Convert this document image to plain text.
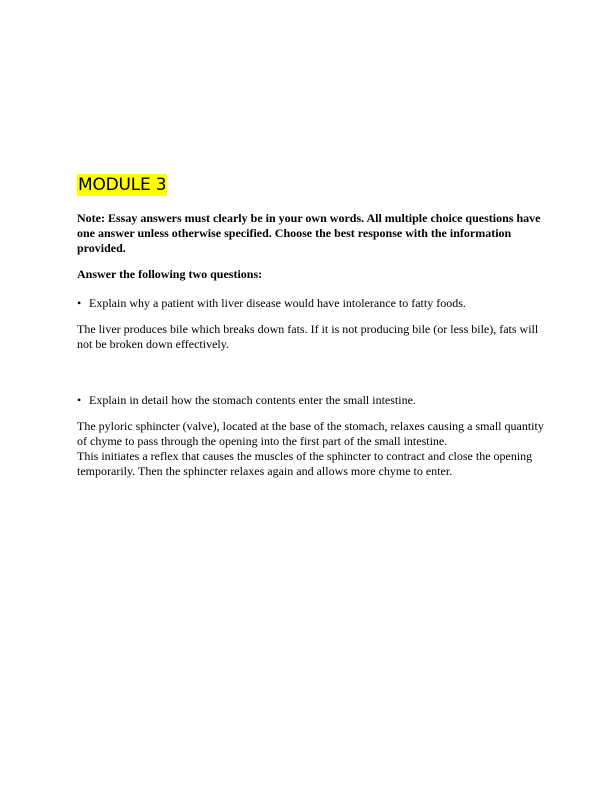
MODULE 3

Note: Essay answers must clearly be in your own words. All multiple choice questions have one answer unless otherwise specified. Choose the best response with the information provided.

Answer the following two questions:

• Explain why a patient with liver disease would have intolerance to fatty foods.

The liver produces bile which breaks down fats. If it is not producing bile (or less bile), fats will not be broken down effectively.

• Explain in detail how the stomach contents enter the small intestine.

The pyloric sphincter (valve), located at the base of the stomach, relaxes causing a small quantity of chyme to pass through the opening into the first part of the small intestine.

This initiates a reflex that causes the muscles of the sphincter to contract and close the opening temporarily. Then the sphincter relaxes again and allows more chyme to enter.
